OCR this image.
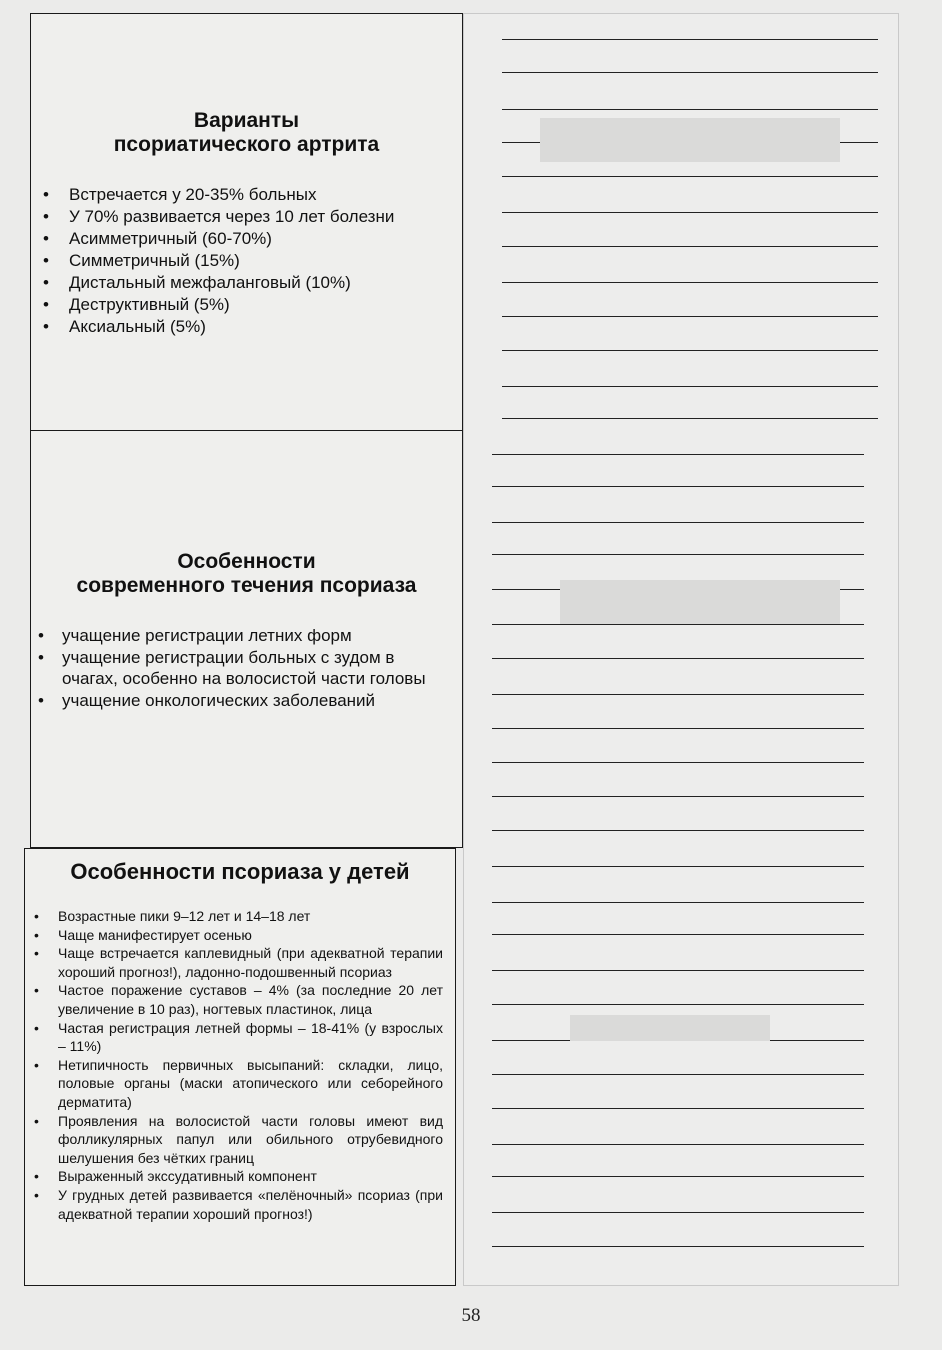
Варианты
псориатического артрита
• Встречается у 20-35% больных
• У 70% развивается через 10 лет болезни
• Асимметричный (60-70%)
• Симметричный (15%)
• Дистальный межфаланговый (10%)
• Деструктивный (5%)
• Аксиальный (5%)
Особенности
современного течения псориаза
• учащение регистрации летних форм
• учащение регистрации больных с зудом в очагах, особенно на волосистой части головы
• учащение онкологических заболеваний
Особенности псориаза у детей
• Возрастные пики 9–12 лет и 14–18 лет
• Чаще манифестирует осенью
• Чаще встречается каплевидный (при адекватной терапии хороший прогноз!), ладонно-подошвенный псориаз
• Частое поражение суставов – 4% (за последние 20 лет увеличение в 10 раз), ногтевых пластинок, лица
• Частая регистрация летней формы – 18-41% (у взрослых – 11%)
• Нетипичность первичных высыпаний: складки, лицо, половые органы (маски атопического или себорейного дерматита)
• Проявления на волосистой части головы имеют вид фолликулярных папул или обильного отрубевидного шелушения без чётких границ
• Выраженный экссудативный компонент
• У грудных детей развивается «пелёночный» псориаз (при адекватной терапии хороший прогноз!)
58
